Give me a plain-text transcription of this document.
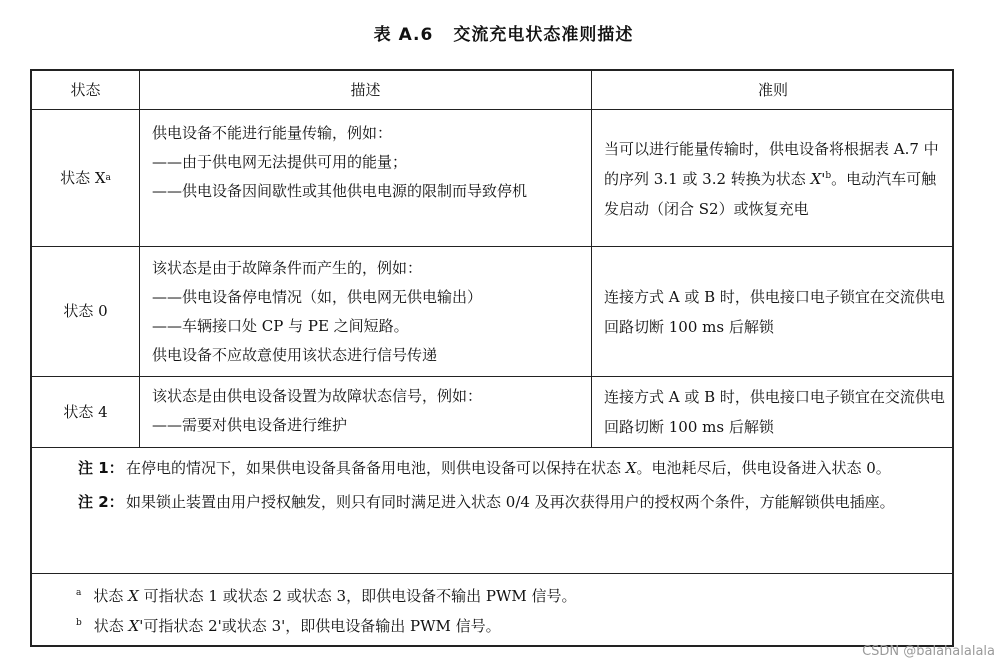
表 A.6 交流充电状态准则描述
状态	描述	准则
状态 X a
供电设备不能进行能量传输，例如：
——由于供电网无法提供可用的能量；
——供电设备因间歇性或其他供电电源的限制而导致停机
当可以进行能量传输时，供电设备将根据表 A.7 中的序列 3.1 或 3.2 转换为状态 $X'^b$。电动汽车可触发启动（闭合 S2）或恢复充电
状态 0
该状态是由于故障条件而产生的，例如：
——供电设备停电情况（如，供电网无供电输出）
——车辆接口处 CP 与 PE 之间短路。
供电设备不应故意使用该状态进行信号传递
连接方式 A 或 B 时，供电接口电子锁宜在交流供电回路切断 100 ms 后解锁
状态 4
该状态是由供电设备设置为故障状态信号，例如：
——需要对供电设备进行维护
连接方式 A 或 B 时，供电接口电子锁宜在交流供电回路切断 100 ms 后解锁
注 1： 在停电的情况下，如果供电设备具备备用电池，则供电设备可以保持在状态 X。电池耗尽后，供电设备进入状态 0。
注 2： 如果锁止装置由用户授权触发，则只有同时满足进入状态 0/4 及再次获得用户的授权两个条件，方能解锁供电插座。
$^a$ 状态 X 可指状态 1 或状态 2 或状态 3，即供电设备不输出 PWM 信号。
$^b$ 状态 X'可指状态 2'或状态 3'，即供电设备输出 PWM 信号。
CSDN @balahalalala
